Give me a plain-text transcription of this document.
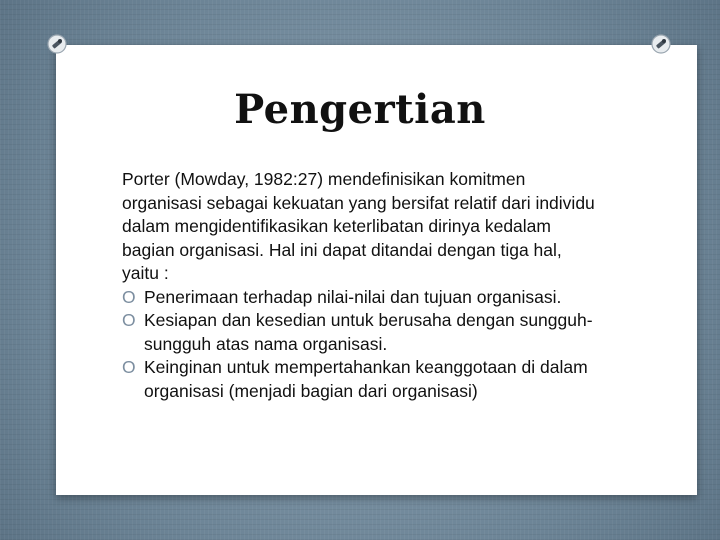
Pengertian

Porter (Mowday, 1982:27) mendefinisikan komitmen organisasi sebagai kekuatan yang bersifat relatif dari individu dalam mengidentifikasikan keterlibatan dirinya kedalam bagian organisasi. Hal ini dapat ditandai dengan tiga hal, yaitu :

O Penerimaan terhadap nilai-nilai dan tujuan organisasi.
O Kesiapan dan kesedian untuk berusaha dengan sungguh-sungguh atas nama organisasi.
O Keinginan untuk mempertahankan keanggotaan di dalam organisasi (menjadi bagian dari organisasi)
